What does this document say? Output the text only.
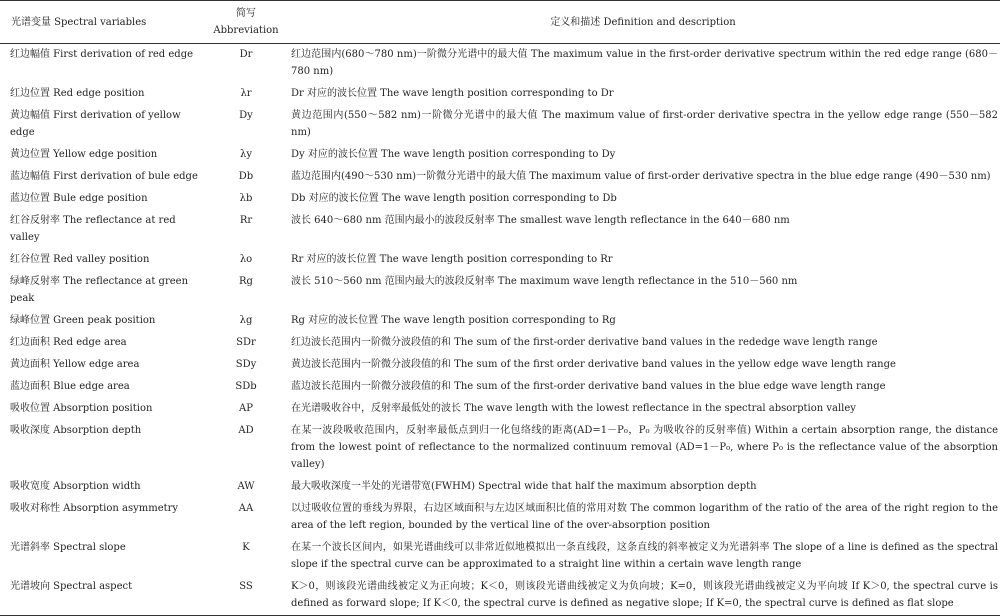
光谱变量 Spectral variables	简写 Abbreviation	定义和描述 Definition and description
红边幅值 First derivation of red edge	Dr	红边范围内(680～780 nm)一阶微分光谱中的最大值 The maximum value in the first-order derivative spectrum within the red edge range (680－780 nm)
红边位置 Red edge position	λr	Dr 对应的波长位置 The wave length position corresponding to Dr
黄边幅值 First derivation of yellow edge	Dy	黄边范围内(550～582 nm)一阶微分光谱中的最大值 The maximum value of first-order derivative spectra in the yellow edge range (550－582 nm)
黄边位置 Yellow edge position	λy	Dy 对应的波长位置 The wave length position corresponding to Dy
蓝边幅值 First derivation of bule edge	Db	蓝边范围内(490～530 nm)一阶微分光谱中的最大值 The maximum value of first-order derivative spectra in the blue edge range (490－530 nm)
蓝边位置 Bule edge position	λb	Db 对应的波长位置 The wave length position corresponding to Db
红谷反射率 The reflectance at red valley	Rr	波长 640～680 nm 范围内最小的波段反射率 The smallest wave length reflectance in the 640－680 nm
红谷位置 Red valley position	λo	Rr 对应的波长位置 The wave length position corresponding to Rr
绿峰反射率 The reflectance at green peak	Rg	波长 510～560 nm 范围内最大的波段反射率 The maximum wave length reflectance in the 510－560 nm
绿峰位置 Green peak position	λg	Rg 对应的波长位置 The wave length position corresponding to Rg
红边面积 Red edge area	SDr	红边波长范围内一阶微分波段值的和 The sum of the first-order derivative band values in the rededge wave length range
黄边面积 Yellow edge area	SDy	黄边波长范围内一阶微分波段值的和 The sum of the first order derivative band values in the yellow edge wave length range
蓝边面积 Blue edge area	SDb	蓝边波长范围内一阶微分波段值的和 The sum of the first-order derivative band values in the blue edge wave length range
吸收位置 Absorption position	AP	在光谱吸收谷中，反射率最低处的波长 The wave length with the lowest reflectance in the spectral absorption valley
吸收深度 Absorption depth	AD	在某一波段吸收范围内，反射率最低点到归一化包络线的距离(AD=1－P₀，P₀ 为吸收谷的反射率值) Within a certain absorption range, the distance from the lowest point of reflectance to the normalized continuum removal (AD=1－P₀, where P₀ is the reflectance value of the absorption valley)
吸收宽度 Absorption width	AW	最大吸收深度一半处的光谱带宽(FWHM) Spectral wide that half the maximum absorption depth
吸收对称性 Absorption asymmetry	AA	以过吸收位置的垂线为界限，右边区域面积与左边区域面积比值的常用对数 The common logarithm of the ratio of the area of the right region to the area of the left region, bounded by the vertical line of the over-absorption position
光谱斜率 Spectral slope	K	在某一个波长区间内，如果光谱曲线可以非常近似地模拟出一条直线段，这条直线的斜率被定义为光谱斜率 The slope of a line is defined as the spectral slope if the spectral curve can be approximated to a straight line within a certain wave length range
光谱坡向 Spectral aspect	SS	K＞0，则该段光谱曲线被定义为正向坡；K＜0，则该段光谱曲线被定义为负向坡；K=0，则该段光谱曲线被定义为平向坡 If K＞0, the spectral curve is defined as forward slope; If K＜0, the spectral curve is defined as negative slope; If K=0, the spectral curve is defined as flat slope
